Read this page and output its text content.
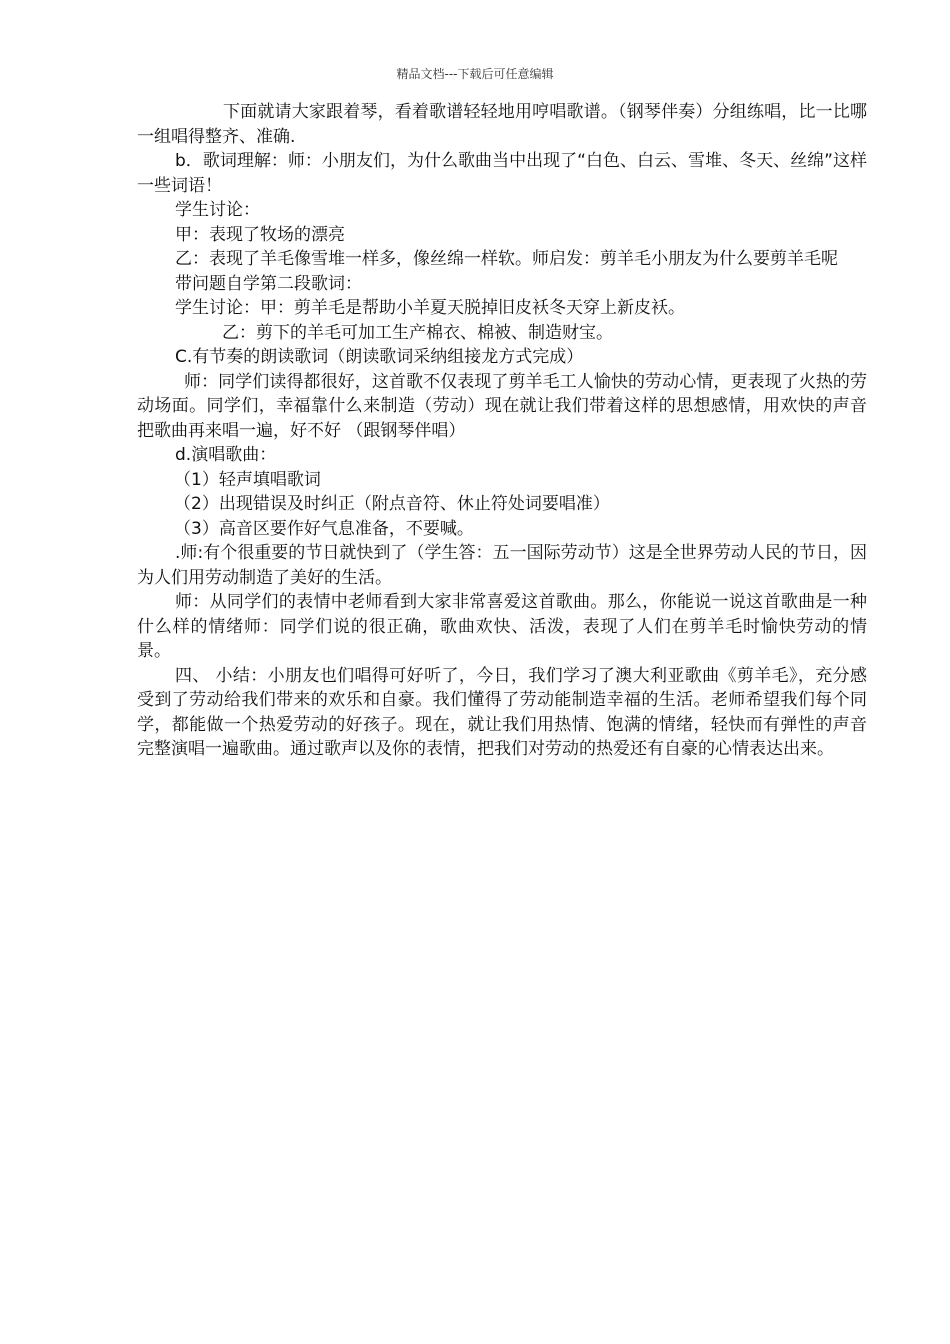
精品文档---下载后可任意编辑

下面就请大家跟着琴，看着歌谱轻轻地用哼唱歌谱。（钢琴伴奏）分组练唱，比一比哪一组唱得整齐、准确.

b．歌词理解：师：小朋友们，为什么歌曲当中出现了“白色、白云、雪堆、冬天、丝绵”这样一些词语！

学生讨论：

甲：表现了牧场的漂亮

乙：表现了羊毛像雪堆一样多，像丝绵一样软。师启发：剪羊毛小朋友为什么要剪羊毛呢

带问题自学第二段歌词：

学生讨论：甲：剪羊毛是帮助小羊夏天脱掉旧皮袄冬天穿上新皮袄。

乙：剪下的羊毛可加工生产棉衣、棉被、制造财宝。

C.有节奏的朗读歌词（朗读歌词采纳组接龙方式完成）

师：同学们读得都很好，这首歌不仅表现了剪羊毛工人愉快的劳动心情，更表现了火热的劳动场面。同学们，幸福靠什么来制造（劳动）现在就让我们带着这样的思想感情，用欢快的声音把歌曲再来唱一遍，好不好 （跟钢琴伴唱）

d.演唱歌曲：

（1）轻声填唱歌词

（2）出现错误及时纠正（附点音符、休止符处词要唱准）

（3）高音区要作好气息准备，不要喊。

.师:有个很重要的节日就快到了（学生答：五一国际劳动节）这是全世界劳动人民的节日，因为人们用劳动制造了美好的生活。

师：从同学们的表情中老师看到大家非常喜爱这首歌曲。那么，你能说一说这首歌曲是一种什么样的情绪师：同学们说的很正确，歌曲欢快、活泼，表现了人们在剪羊毛时愉快劳动的情景。

四、 小结：小朋友也们唱得可好听了，今日，我们学习了澳大利亚歌曲《剪羊毛》，充分感受到了劳动给我们带来的欢乐和自豪。我们懂得了劳动能制造幸福的生活。老师希望我们每个同学，都能做一个热爱劳动的好孩子。现在，就让我们用热情、饱满的情绪，轻快而有弹性的声音完整演唱一遍歌曲。通过歌声以及你的表情，把我们对劳动的热爱还有自豪的心情表达出来。
